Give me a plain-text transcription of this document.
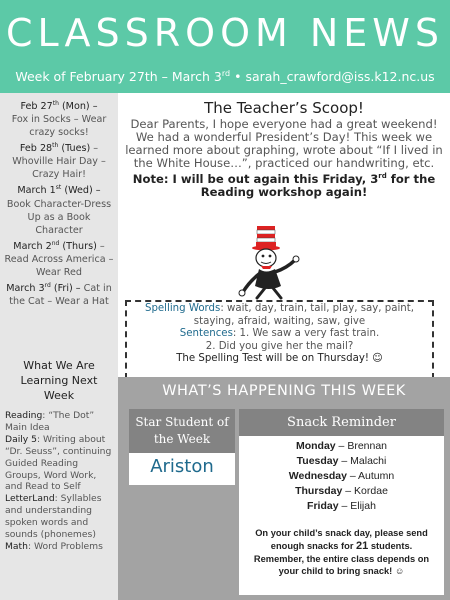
CLASSROOM NEWS
Week of February 27th – March 3rd • sarah_crawford@iss.k12.nc.us
Feb 27th (Mon) –
Fox in Socks – Wear crazy socks!
Feb 28th (Tues) – Whoville Hair Day – Crazy Hair!
March 1st (Wed) – Book Character-Dress Up as a Book Character
March 2nd (Thurs) – Read Across America – Wear Red
March 3rd (Fri) – Cat in the Cat – Wear a Hat
What We Are Learning Next Week
Reading: “The Dot” Main Idea
Daily 5: Writing about “Dr. Seuss”, continuing Guided Reading Groups, Word Work, and Read to Self
LetterLand: Syllables and understanding spoken words and sounds (phonemes)
Math: Word Problems
The Teacher’s Scoop!
Dear Parents, I hope everyone had a great weekend! We had a wonderful President’s Day! This week we learned more about graphing, wrote about “If I lived in the White House…”, practiced our handwriting, etc.
Note: I will be out again this Friday, 3rd for the Reading workshop again!
Spelling Words: wait, day, train, tail, play, say, paint, staying, afraid, waiting, saw, give
Sentences: 1. We saw a very fast train.
2. Did you give her the mail?
The Spelling Test will be on Thursday! ☺
WHAT’S HAPPENING THIS WEEK
Star Student of the Week
Ariston
Snack Reminder
Monday – Brennan
Tuesday – Malachi
Wednesday – Autumn
Thursday – Kordae
Friday – Elijah
On your child’s snack day, please send enough snacks for 21 students. Remember, the entire class depends on your child to bring snack! ☺
